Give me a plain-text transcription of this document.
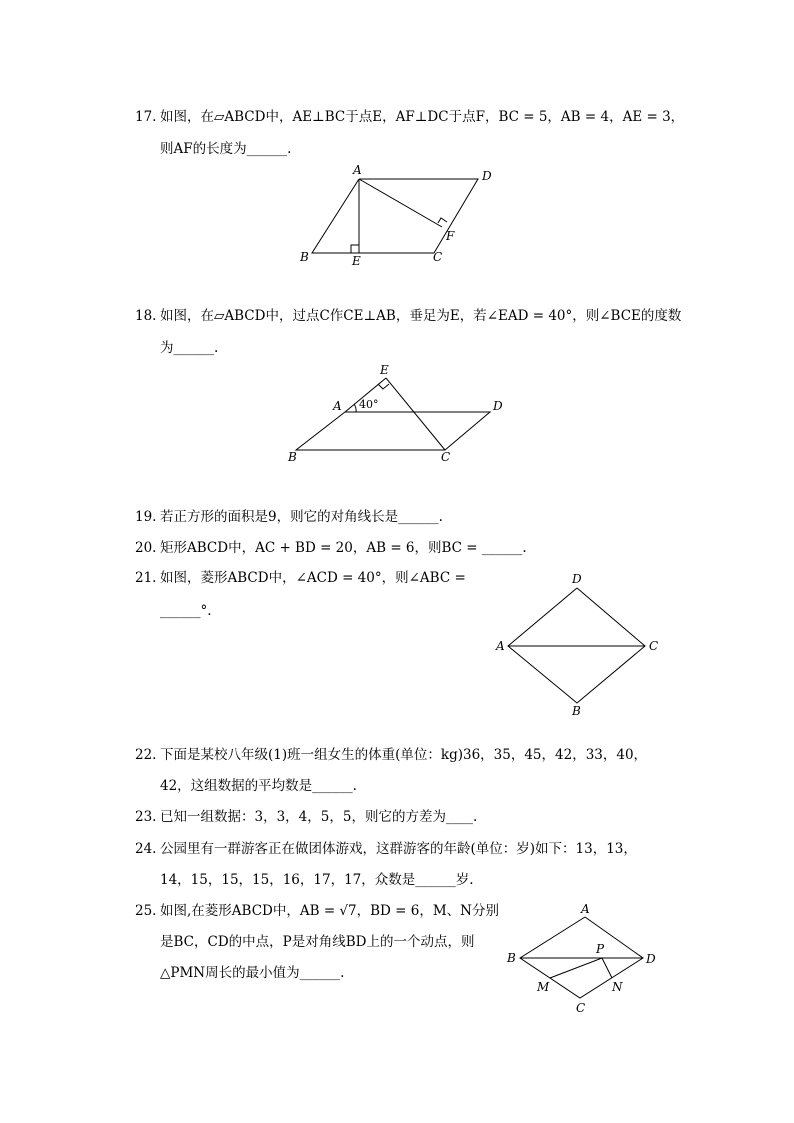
17. 如图，在▱ABCD中，AE⊥BC于点E，AF⊥DC于点F，BC = 5，AB = 4，AE = 3，
则AF的长度为______.
A	D
B	E	C
F
18. 如图，在▱ABCD中，过点C作CE⊥AB，垂足为E，若∠EAD = 40°，则∠BCE的度数
为______.
E
A 40°	D
B	C
19. 若正方形的面积是9，则它的对角线长是______.
20. 矩形ABCD中，AC + BD = 20，AB = 6，则BC = ______.
21. 如图，菱形ABCD中，∠ACD = 40°，则∠ABC =
______°.
D
A	C
B
22. 下面是某校八年级(1)班一组女生的体重(单位：kg)36，35，45，42，33，40，
42，这组数据的平均数是______.
23. 已知一组数据：3，3，4，5，5，则它的方差为____.
24. 公园里有一群游客正在做团体游戏，这群游客的年龄(单位：岁)如下：13，13，
14，15，15，15，16，17，17，众数是______岁.
25. 如图,在菱形ABCD中，AB = √7，BD = 6，M、N分别
是BC，CD的中点，P是对角线BD上的一个动点，则
△PMN周长的最小值为______.
A
B	D
P
M	N
C
